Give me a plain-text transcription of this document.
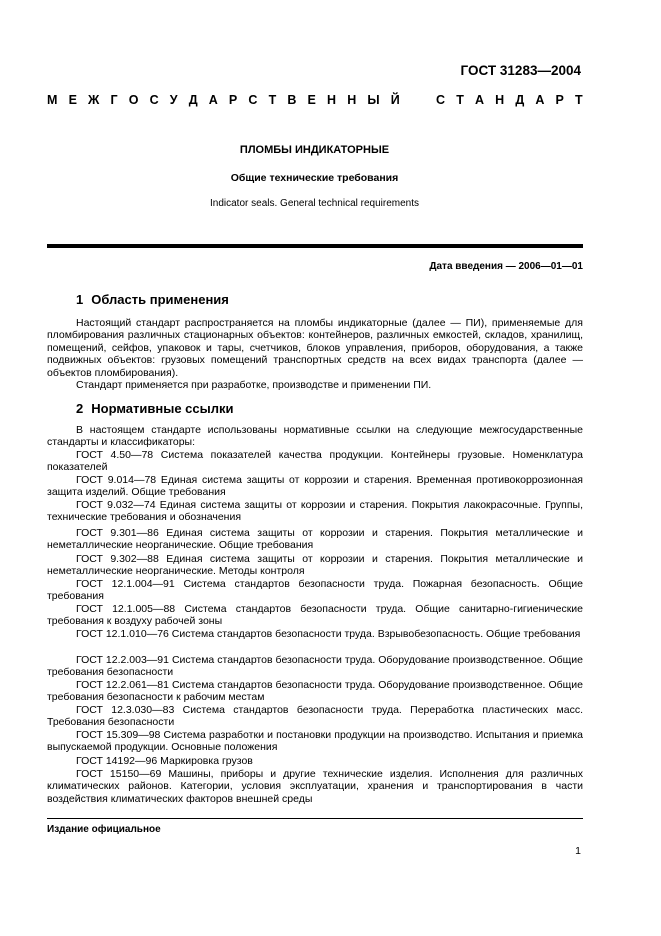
ГОСТ 31283—2004
М Е Ж Г О С У Д А Р С Т В Е Н Н Ы Й	С Т А Н Д А Р Т
ПЛОМБЫ ИНДИКАТОРНЫЕ
Общие технические требования
Indicator seals. General technical requirements
Дата введения — 2006—01—01
1 Область применения
Настоящий стандарт распространяется на пломбы индикаторные (далее — ПИ), применяемые для пломбирования различных стационарных объектов: контейнеров, различных емкостей, складов, хранилищ, помещений, сейфов, упаковок и тары, счетчиков, блоков управления, приборов, оборудования, а также подвижных объектов: грузовых помещений транспортных средств на всех видах транспорта (далее — объектов пломбирования).
Стандарт применяется при разработке, производстве и применении ПИ.
2 Нормативные ссылки
В настоящем стандарте использованы нормативные ссылки на следующие межгосударственные стандарты и классификаторы:
ГОСТ 4.50—78 Система показателей качества продукции. Контейнеры грузовые. Номенклатура показателей
ГОСТ 9.014—78 Единая система защиты от коррозии и старения. Временная противокоррозионная защита изделий. Общие требования
ГОСТ 9.032—74 Единая система защиты от коррозии и старения. Покрытия лакокрасочные. Группы, технические требования и обозначения
ГОСТ 9.301—86 Единая система защиты от коррозии и старения. Покрытия металлические и неметаллические неорганические. Общие требования
ГОСТ 9.302—88 Единая система защиты от коррозии и старения. Покрытия металлические и неметаллические неорганические. Методы контроля
ГОСТ 12.1.004—91 Система стандартов безопасности труда. Пожарная безопасность. Общие требования
ГОСТ 12.1.005—88 Система стандартов безопасности труда. Общие санитарно-гигиенические требования к воздуху рабочей зоны
ГОСТ 12.1.010—76 Система стандартов безопасности труда. Взрывобезопасность. Общие требования
ГОСТ 12.2.003—91 Система стандартов безопасности труда. Оборудование производственное. Общие требования безопасности
ГОСТ 12.2.061—81 Система стандартов безопасности труда. Оборудование производственное. Общие требования безопасности к рабочим местам
ГОСТ 12.3.030—83 Система стандартов безопасности труда. Переработка пластических масс. Требования безопасности
ГОСТ 15.309—98 Система разработки и постановки продукции на производство. Испытания и приемка выпускаемой продукции. Основные положения
ГОСТ 14192—96 Маркировка грузов
ГОСТ 15150—69 Машины, приборы и другие технические изделия. Исполнения для различных климатических районов. Категории, условия эксплуатации, хранения и транспортирования в части воздействия климатических факторов внешней среды
Издание официальное
1
